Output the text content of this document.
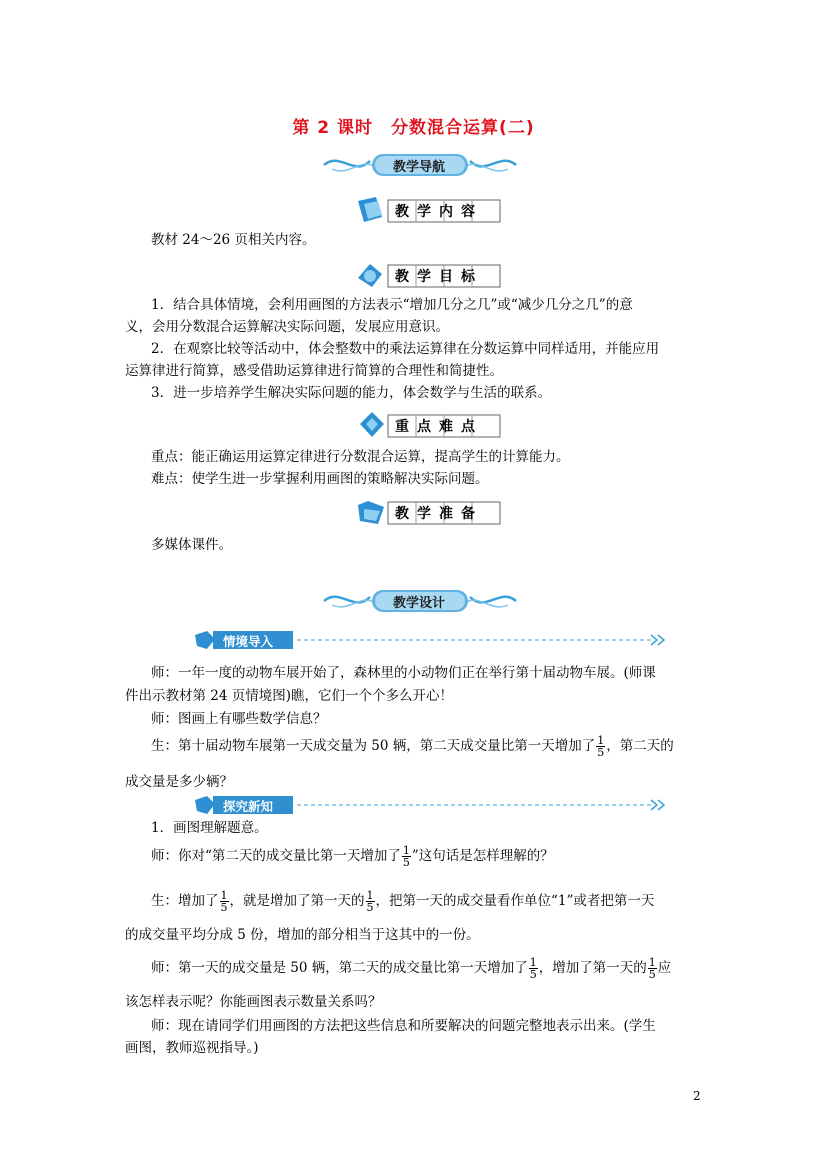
第 2 课时　分数混合运算(二)
教学导航
教学内容
教材 24～26 页相关内容。
教学目标
1．结合具体情境，会利用画图的方法表示“增加几分之几”或“减少几分之几”的意
义，会用分数混合运算解决实际问题，发展应用意识。
2．在观察比较等活动中，体会整数中的乘法运算律在分数运算中同样适用，并能应用
运算律进行简算，感受借助运算律进行简算的合理性和简捷性。
3．进一步培养学生解决实际问题的能力，体会数学与生活的联系。
重点难点
重点：能正确运用运算定律进行分数混合运算，提高学生的计算能力。
难点：使学生进一步掌握利用画图的策略解决实际问题。
教学准备
多媒体课件。
教学设计
情境导入
师：一年一度的动物车展开始了，森林里的小动物们正在举行第十届动物车展。(师课
件出示教材第 24 页情境图)瞧，它们一个个多么开心！
师：图画上有哪些数学信息？
生：第十届动物车展第一天成交量为 50 辆，第二天成交量比第一天增加了 $\frac{1}{5}$ ，第二天的
成交量是多少辆？
探究新知
1．画图理解题意。
师：你对“第二天的成交量比第一天增加了 $\frac{1}{5}$ ”这句话是怎样理解的？
生：增加了 $\frac{1}{5}$ ，就是增加了第一天的 $\frac{1}{5}$ ，把第一天的成交量看作单位“1”或者把第一天
的成交量平均分成 5 份，增加的部分相当于这其中的一份。
师：第一天的成交量是 50 辆，第二天的成交量比第一天增加了 $\frac{1}{5}$ ，增加了第一天的 $\frac{1}{5}$ 应
该怎样表示呢？你能画图表示数量关系吗？
师：现在请同学们用画图的方法把这些信息和所要解决的问题完整地表示出来。(学生
画图，教师巡视指导。)
2
